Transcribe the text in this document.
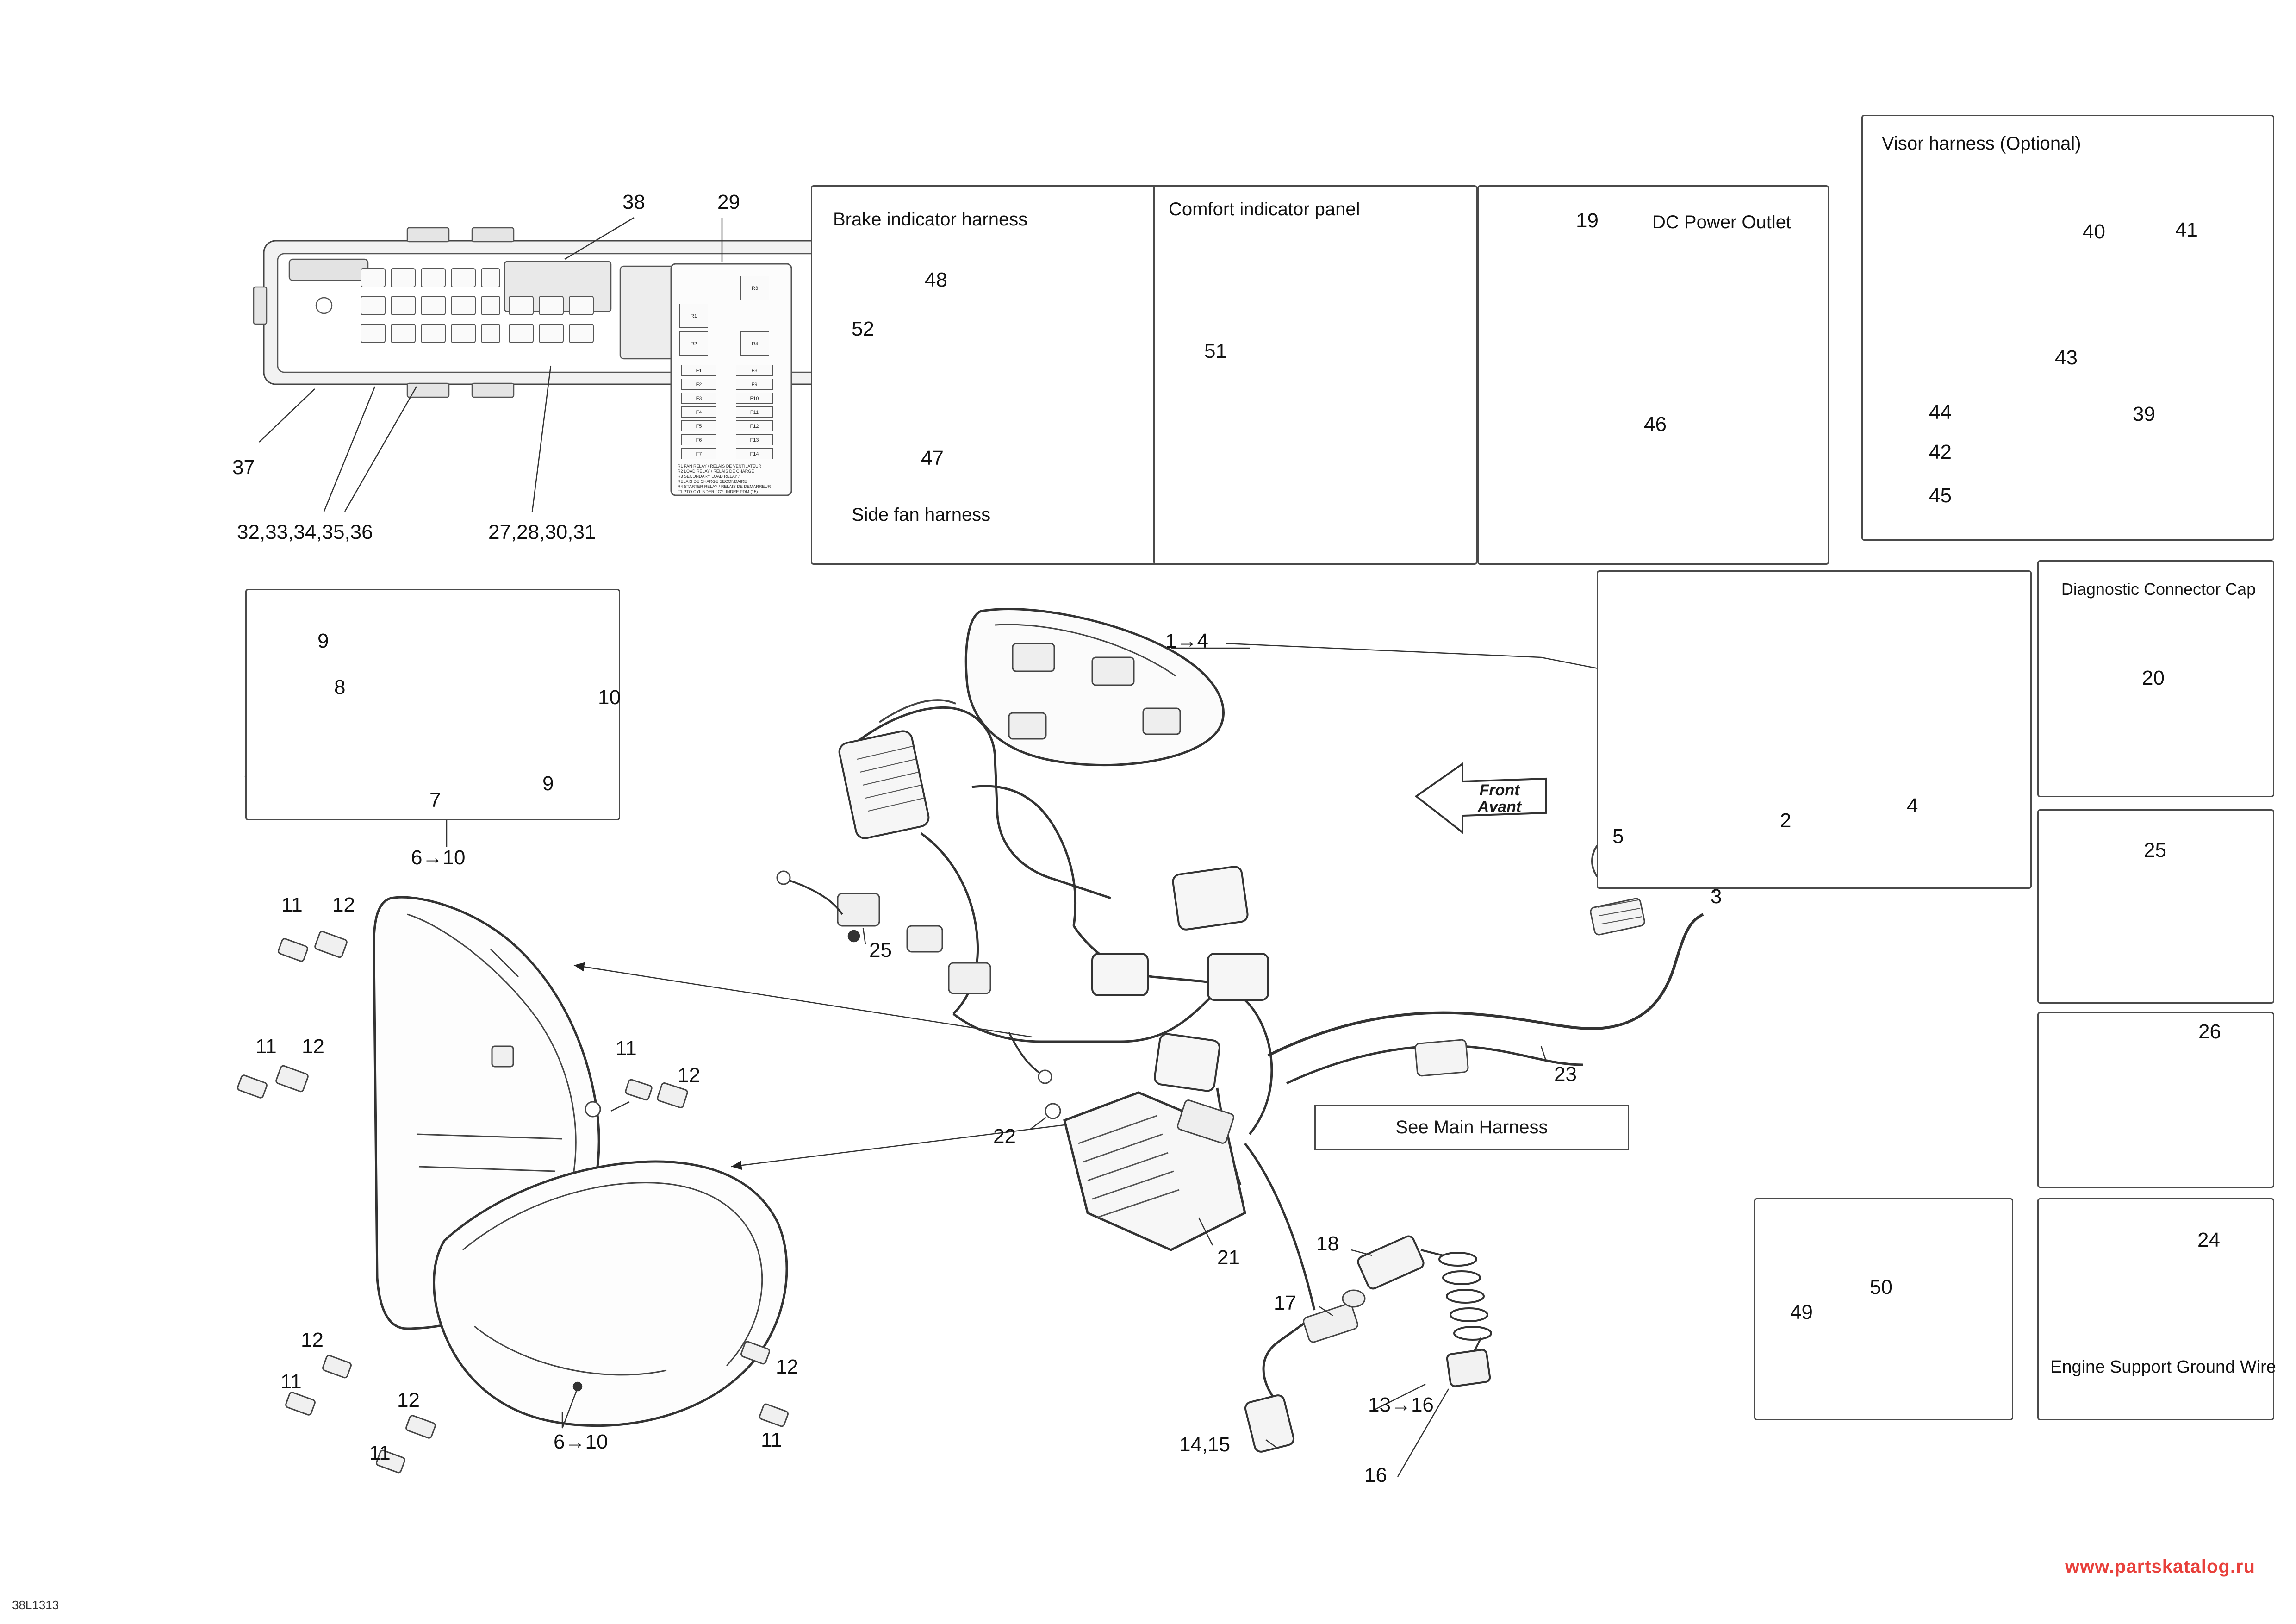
Brake indicator harness
Side fan harness
Comfort indicator panel
DC Power Outlet
Visor harness (Optional)
Diagnostic Connector Cap
Engine Support Ground Wire
See Main Harness
Front
Avant
R1
R2
R3
R4
F1
F2
F3
F4
F5
F6
F7
F8
F9
F10
F11
F12
F13
F14
R1 FAN RELAY / RELAIS DE VENTILATEUR
R2 LOAD RELAY / RELAIS DE CHARGE
R3 SECONDARY LOAD RELAY /
RELAIS DE CHARGE SECONDAIRE
R4 STARTER RELAY / RELAIS DE DEMARREUR
F1 PTO CYLINDER / CYLINDRE PDM (15)
38	29
37
32,33,34,35,36	27,28,30,31
48
52
47
51
19
46
40	41
43
44
42
45
39
20
25
26
24
49
50
9
8	10
9
7
6→10
11 12
11 12	11
12
12
11
12
11	6→10	11
12
1→4
25
5
3
2
4
23
22
21
18
17
13→16
14,15
16
www.partskatalog.ru
38L1313
